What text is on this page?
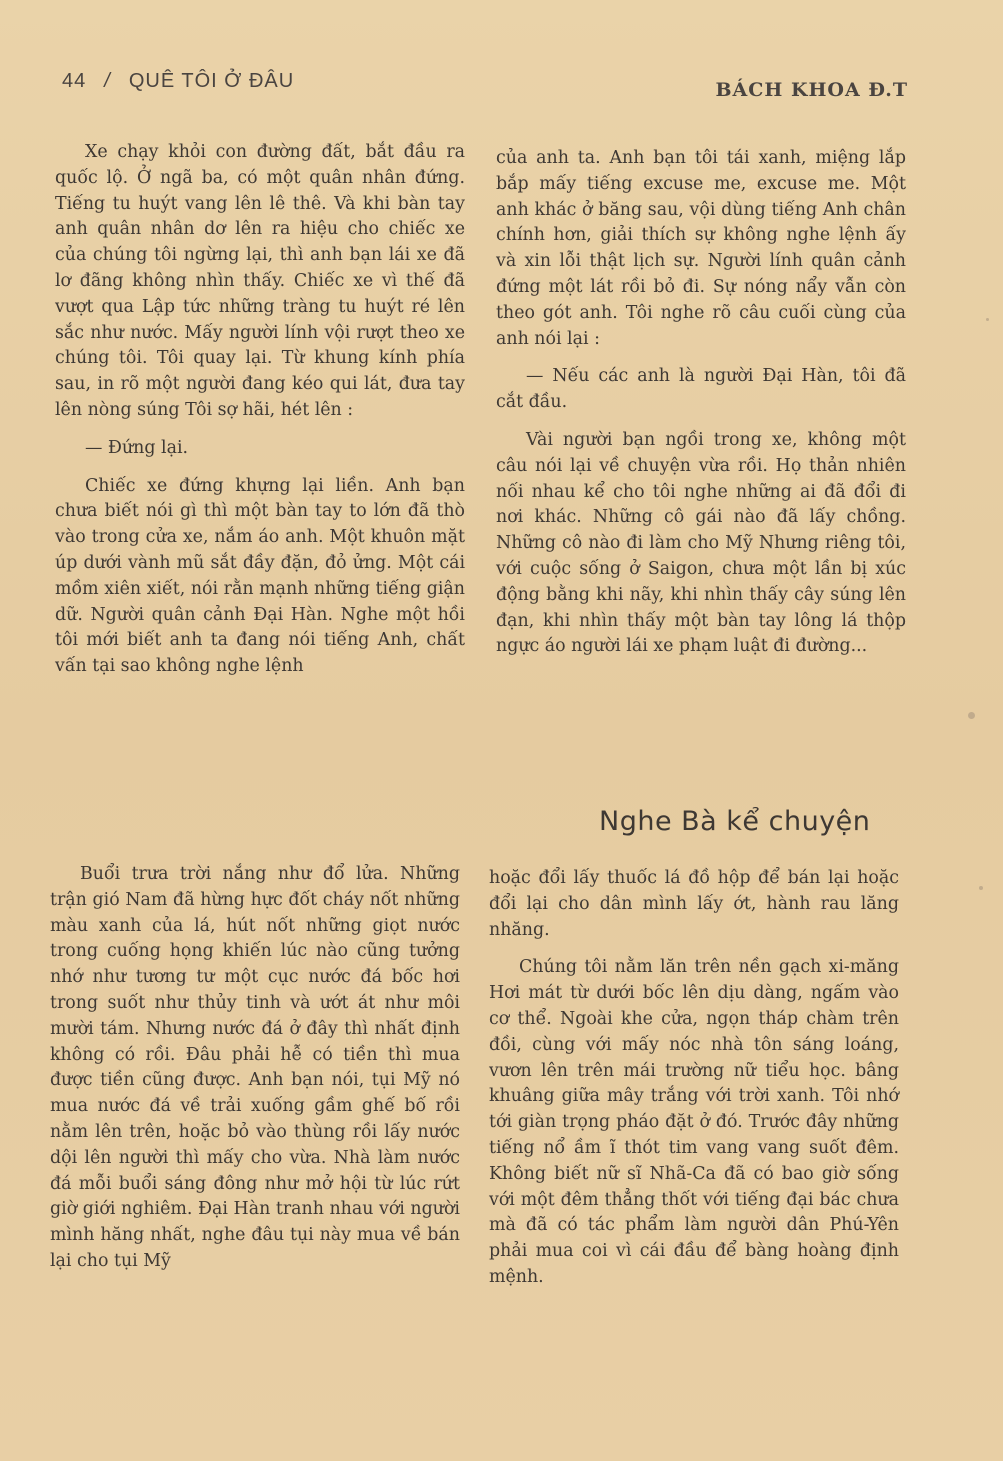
44 / QUÊ TÔI Ở ĐÂU	BÁCH KHOA Đ.T

Xe chạy khỏi con đường đất, bắt đầu ra quốc lộ. Ở ngã ba, có một quân nhân đứng. Tiếng tu huýt vang lên lê thê. Và khi bàn tay anh quân nhân dơ lên ra hiệu cho chiếc xe của chúng tôi ngừng lại, thì anh bạn lái xe đã lơ đãng không nhìn thấy. Chiếc xe vì thế đã vượt qua Lập tức những tràng tu huýt ré lên sắc như nước. Mấy người lính vội rượt theo xe chúng tôi. Tôi quay lại. Từ khung kính phía sau, in rõ một người đang kéo qui lát, đưa tay lên nòng súng Tôi sợ hãi, hét lên :

— Đứng lại.

Chiếc xe đứng khựng lại liền. Anh bạn chưa biết nói gì thì một bàn tay to lớn đã thò vào trong cửa xe, nắm áo anh. Một khuôn mặt úp dưới vành mũ sắt đầy đặn, đỏ ửng. Một cái mồm xiên xiết, nói rằn mạnh những tiếng giận dữ. Người quân cảnh Đại Hàn. Nghe một hồi tôi mới biết anh ta đang nói tiếng Anh, chất vấn tại sao không nghe lệnh

của anh ta. Anh bạn tôi tái xanh, miệng lắp bắp mấy tiếng excuse me, excuse me. Một anh khác ở băng sau, vội dùng tiếng Anh chân chính hơn, giải thích sự không nghe lệnh ấy và xin lỗi thật lịch sự. Người lính quân cảnh đứng một lát rồi bỏ đi. Sự nóng nẩy vẫn còn theo gót anh. Tôi nghe rõ câu cuối cùng của anh nói lại :

— Nếu các anh là người Đại Hàn, tôi đã cắt đầu.

Vài người bạn ngồi trong xe, không một câu nói lại về chuyện vừa rồi. Họ thản nhiên nối nhau kể cho tôi nghe những ai đã đổi đi nơi khác. Những cô gái nào đã lấy chồng. Những cô nào đi làm cho Mỹ Nhưng riêng tôi, với cuộc sống ở Saigon, chưa một lần bị xúc động bằng khi nãy, khi nhìn thấy cây súng lên đạn, khi nhìn thấy một bàn tay lông lá thộp ngực áo người lái xe phạm luật đi đường...

Nghe Bà kể chuyện

Buổi trưa trời nắng như đổ lửa. Những trận gió Nam đã hừng hực đốt cháy nốt những màu xanh của lá, hút nốt những giọt nước trong cuống họng khiến lúc nào cũng tưởng nhớ như tương tư một cục nước đá bốc hơi trong suốt như thủy tinh và ướt át như môi mười tám. Nhưng nước đá ở đây thì nhất định không có rồi. Đâu phải hễ có tiền thì mua được tiền cũng được. Anh bạn nói, tụi Mỹ nó mua nước đá về trải xuống gầm ghế bố rồi nằm lên trên, hoặc bỏ vào thùng rồi lấy nước dội lên người thì mấy cho vừa. Nhà làm nước đá mỗi buổi sáng đông như mở hội từ lúc rứt giờ giới nghiêm. Đại Hàn tranh nhau với người mình hăng nhất, nghe đâu tụi này mua về bán lại cho tụi Mỹ

hoặc đổi lấy thuốc lá đồ hộp để bán lại hoặc đổi lại cho dân mình lấy ớt, hành rau lăng nhăng.

Chúng tôi nằm lăn trên nền gạch xi-măng Hơi mát từ dưới bốc lên dịu dàng, ngấm vào cơ thể. Ngoài khe cửa, ngọn tháp chàm trên đồi, cùng với mấy nóc nhà tôn sáng loáng, vươn lên trên mái trường nữ tiểu học. bâng khuâng giữa mây trắng với trời xanh. Tôi nhớ tới giàn trọng pháo đặt ở đó. Trước đây những tiếng nổ ầm ĩ thót tim vang vang suốt đêm. Không biết nữ sĩ Nhã-Ca đã có bao giờ sống với một đêm thẳng thốt với tiếng đại bác chưa mà đã có tác phẩm làm người dân Phú-Yên phải mua coi vì cái đầu để bàng hoàng định mệnh.
